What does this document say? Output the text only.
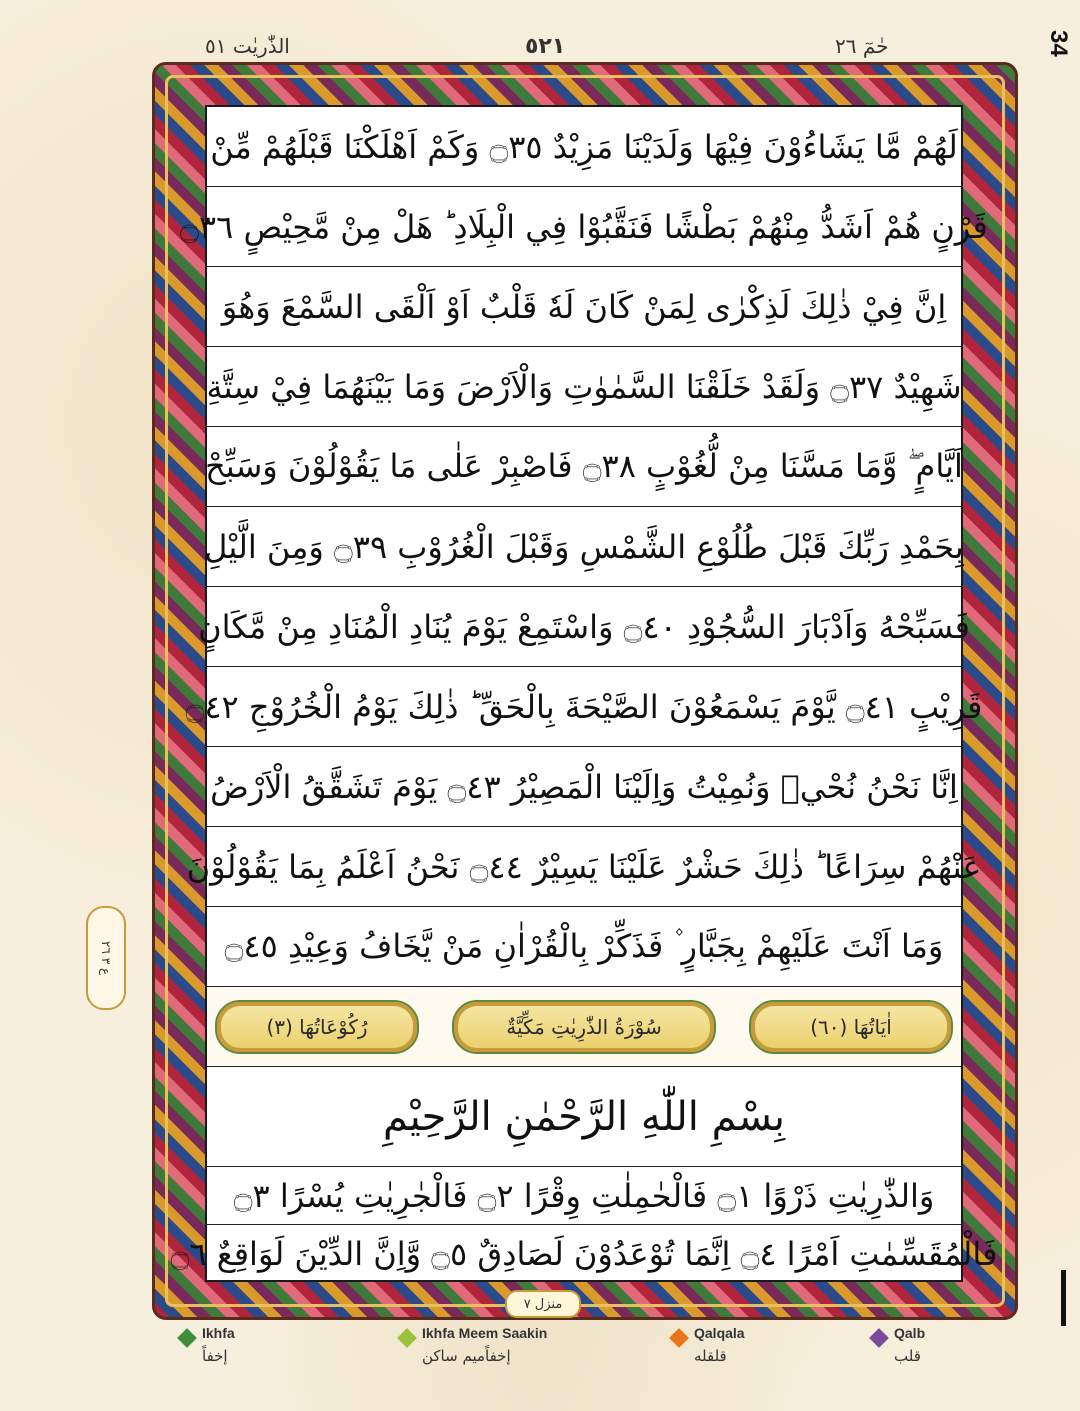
الذّٰريٰت ٥١	٥٢١	حٰمٓ ٢٦	34
لَهُمْ مَّا يَشَاءُوْنَ فِيْهَا وَلَدَيْنَا مَزِيْدٌ ۝٣٥ وَكَمْ اَهْلَكْنَا قَبْلَهُمْ مِّنْ
قَرْنٍ هُمْ اَشَدُّ مِنْهُمْ بَطْشًا فَنَقَّبُوْا فِي الْبِلَادِ ؕ هَلْ مِنْ مَّحِيْصٍ ۝٣٦
اِنَّ فِيْ ذٰلِكَ لَذِكْرٰى لِمَنْ كَانَ لَهٗ قَلْبٌ اَوْ اَلْقَى السَّمْعَ وَهُوَ
شَهِيْدٌ ۝٣٧ وَلَقَدْ خَلَقْنَا السَّمٰوٰتِ وَالْاَرْضَ وَمَا بَيْنَهُمَا فِيْ سِتَّةِ
اَيَّامٍ ۖ وَّمَا مَسَّنَا مِنْ لُّغُوْبٍ ۝٣٨ فَاصْبِرْ عَلٰى مَا يَقُوْلُوْنَ وَسَبِّحْ
بِحَمْدِ رَبِّكَ قَبْلَ طُلُوْعِ الشَّمْسِ وَقَبْلَ الْغُرُوْبِ ۝٣٩ وَمِنَ الَّيْلِ
فَسَبِّحْهُ وَاَدْبَارَ السُّجُوْدِ ۝٤٠ وَاسْتَمِعْ يَوْمَ يُنَادِ الْمُنَادِ مِنْ مَّكَانٍ
قَرِيْبٍ ۝٤١ يَّوْمَ يَسْمَعُوْنَ الصَّيْحَةَ بِالْحَقِّ ؕ ذٰلِكَ يَوْمُ الْخُرُوْجِ ۝٤٢
اِنَّا نَحْنُ نُحْيٖ وَنُمِيْتُ وَاِلَيْنَا الْمَصِيْرُ ۝٤٣ يَوْمَ تَشَقَّقُ الْاَرْضُ
عَنْهُمْ سِرَاعًا ؕ ذٰلِكَ حَشْرٌ عَلَيْنَا يَسِيْرٌ ۝٤٤ نَحْنُ اَعْلَمُ بِمَا يَقُوْلُوْنَ
وَمَا اَنْتَ عَلَيْهِمْ بِجَبَّارٍ ۫ فَذَكِّرْ بِالْقُرْاٰنِ مَنْ يَّخَافُ وَعِيْدِ ۝٤٥
اٰيَاتُهَا (٦٠)
سُوْرَةُ الذّٰرِيٰتِ مَكِّيَّةٌ
رُكُوْعَاتُهَا (٣)
بِسْمِ اللّٰهِ الرَّحْمٰنِ الرَّحِيْمِ
وَالذّٰرِيٰتِ ذَرْوًا ۝١ فَالْحٰمِلٰتِ وِقْرًا ۝٢ فَالْجٰرِيٰتِ يُسْرًا ۝٣
فَالْمُقَسِّمٰتِ اَمْرًا ۝٤ اِنَّمَا تُوْعَدُوْنَ لَصَادِقٌ ۝٥ وَّاِنَّ الدِّيْنَ لَوَاقِعٌ ۝٦
ع ٣ ٢٦
منزل ٧
Ikhfa
إخفاً
Ikhfa Meem Saakin
إخفاًميم ساكن
Qalqala
قلقله
Qalb
قلب
